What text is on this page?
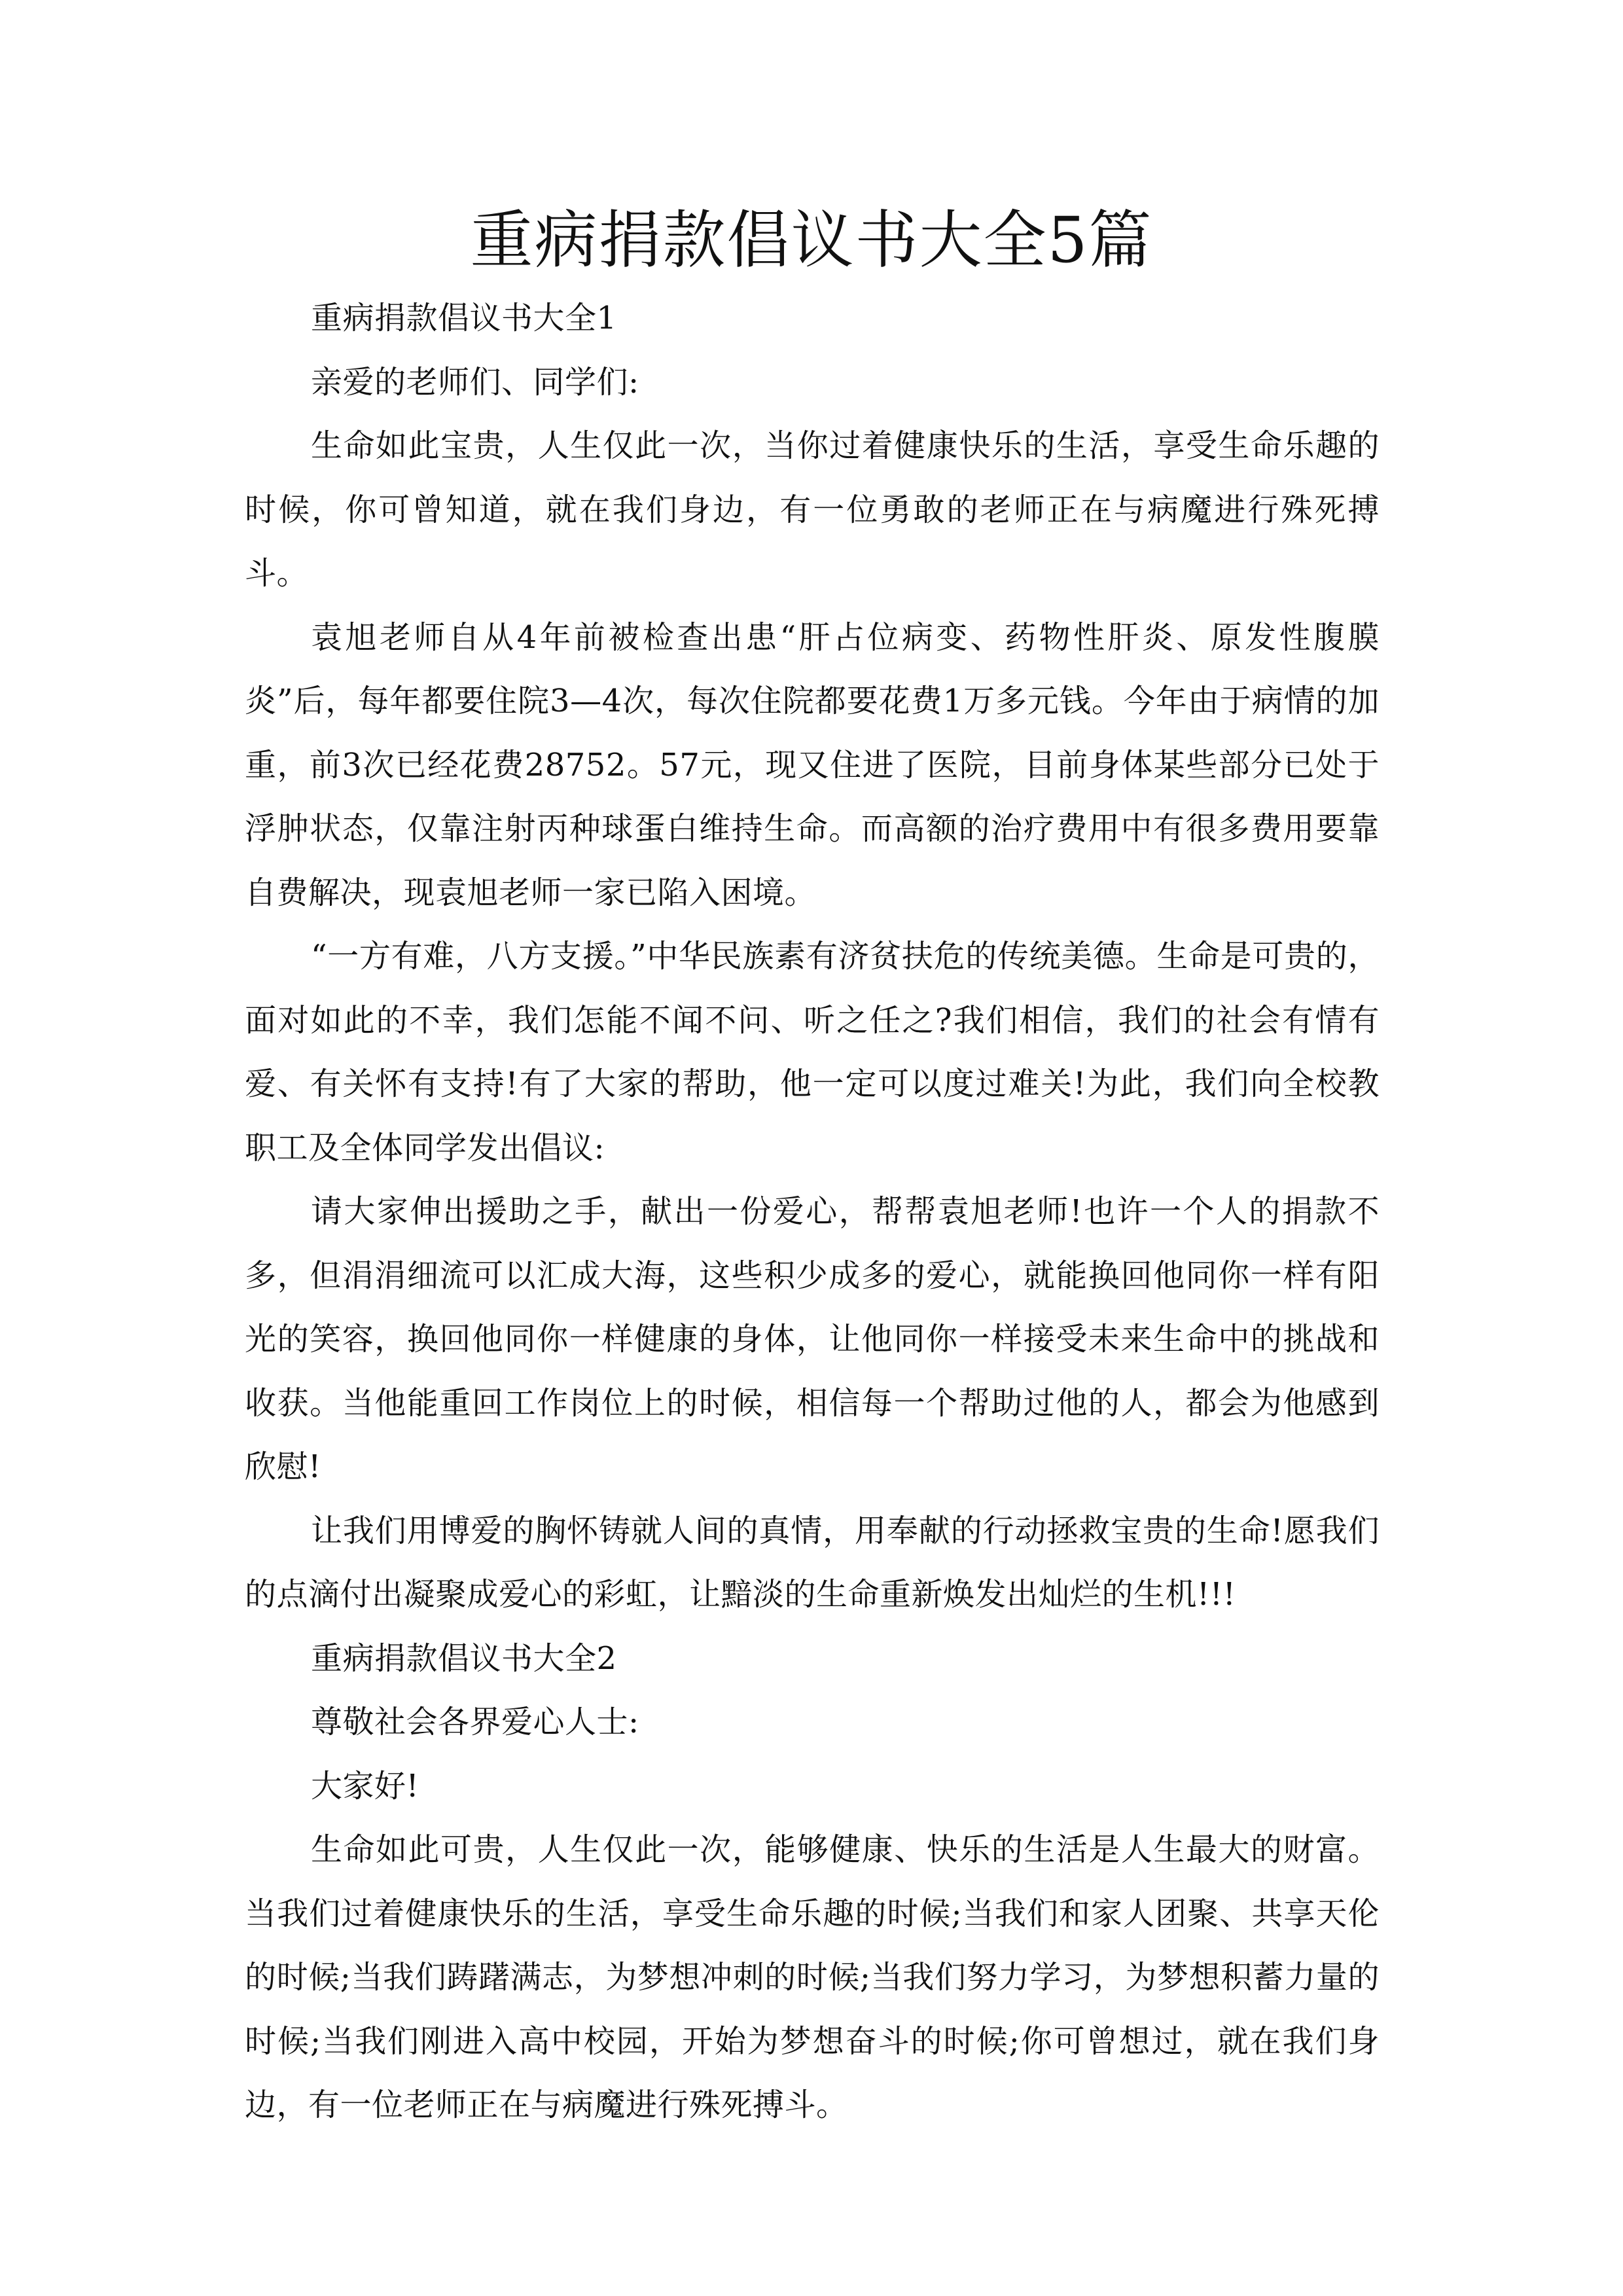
重病捐款倡议书大全5篇

重病捐款倡议书大全1

亲爱的老师们、同学们:

生命如此宝贵，人生仅此一次，当你过着健康快乐的生活，享受生命乐趣的时候，你可曾知道，就在我们身边，有一位勇敢的老师正在与病魔进行殊死搏斗。

袁旭老师自从4年前被检查出患“肝占位病变、药物性肝炎、原发性腹膜炎”后，每年都要住院3—4次，每次住院都要花费1万多元钱。今年由于病情的加重，前3次已经花费28752。57元，现又住进了医院，目前身体某些部分已处于浮肿状态，仅靠注射丙种球蛋白维持生命。而高额的治疗费用中有很多费用要靠自费解决，现袁旭老师一家已陷入困境。

“一方有难，八方支援。”中华民族素有济贫扶危的传统美德。生命是可贵的，面对如此的不幸，我们怎能不闻不问、听之任之?我们相信，我们的社会有情有爱、有关怀有支持!有了大家的帮助，他一定可以度过难关!为此，我们向全校教职工及全体同学发出倡议:

请大家伸出援助之手，献出一份爱心，帮帮袁旭老师!也许一个人的捐款不多，但涓涓细流可以汇成大海，这些积少成多的爱心，就能换回他同你一样有阳光的笑容，换回他同你一样健康的身体，让他同你一样接受未来生命中的挑战和收获。当他能重回工作岗位上的时候，相信每一个帮助过他的人，都会为他感到欣慰!

让我们用博爱的胸怀铸就人间的真情，用奉献的行动拯救宝贵的生命!愿我们的点滴付出凝聚成爱心的彩虹，让黯淡的生命重新焕发出灿烂的生机!!!

重病捐款倡议书大全2

尊敬社会各界爱心人士:

大家好!

生命如此可贵，人生仅此一次，能够健康、快乐的生活是人生最大的财富。当我们过着健康快乐的生活，享受生命乐趣的时候;当我们和家人团聚、共享天伦的时候;当我们踌躇满志，为梦想冲刺的时候;当我们努力学习，为梦想积蓄力量的时候;当我们刚进入高中校园，开始为梦想奋斗的时候;你可曾想过，就在我们身边，有一位老师正在与病魔进行殊死搏斗。
